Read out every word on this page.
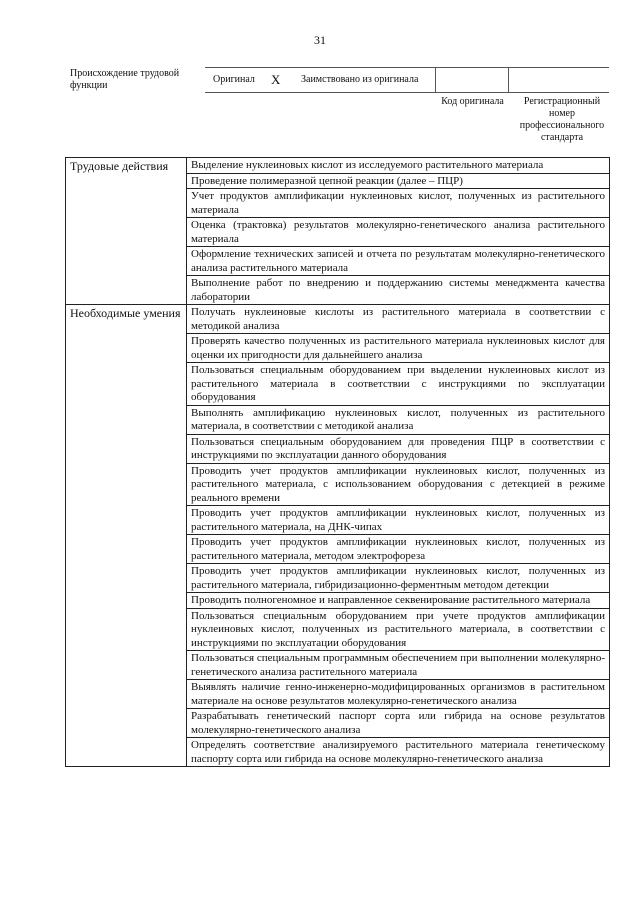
31
Происхождение трудовой функции
Оригинал X Заимствовано из оригинала
Код оригинала	Регистрационный номер профессионального стандарта
Трудовые действия	Выделение нуклеиновых кислот из исследуемого растительного материала
	Проведение полимеразной цепной реакции (далее – ПЦР)
	Учет продуктов амплификации нуклеиновых кислот, полученных из растительного материала
	Оценка (трактовка) результатов молекулярно-генетического анализа растительного материала
	Оформление технических записей и отчета по результатам молекулярно-генетического анализа растительного материала
	Выполнение работ по внедрению и поддержанию системы менеджмента качества лаборатории
Необходимые умения	Получать нуклеиновые кислоты из растительного материала в соответствии с методикой анализа
	Проверять качество полученных из растительного материала нуклеиновых кислот для оценки их пригодности для дальнейшего анализа
	Пользоваться специальным оборудованием при выделении нуклеиновых кислот из растительного материала в соответствии с инструкциями по эксплуатации оборудования
	Выполнять амплификацию нуклеиновых кислот, полученных из растительного материала, в соответствии с методикой анализа
	Пользоваться специальным оборудованием для проведения ПЦР в соответствии с инструкциями по эксплуатации данного оборудования
	Проводить учет продуктов амплификации нуклеиновых кислот, полученных из растительного материала, с использованием оборудования с детекцией в режиме реального времени
	Проводить учет продуктов амплификации нуклеиновых кислот, полученных из растительного материала, на ДНК-чипах
	Проводить учет продуктов амплификации нуклеиновых кислот, полученных из растительного материала, методом электрофореза
	Проводить учет продуктов амплификации нуклеиновых кислот, полученных из растительного материала, гибридизационно-ферментным методом детекции
	Проводить полногеномное и направленное секвенирование растительного материала
	Пользоваться специальным оборудованием при учете продуктов амплификации нуклеиновых кислот, полученных из растительного материала, в соответствии с инструкциями по эксплуатации оборудования
	Пользоваться специальным программным обеспечением при выполнении молекулярно-генетического анализа растительного материала
	Выявлять наличие генно-инженерно-модифицированных организмов в растительном материале на основе результатов молекулярно-генетического анализа
	Разрабатывать генетический паспорт сорта или гибрида на основе результатов молекулярно-генетического анализа
	Определять соответствие анализируемого растительного материала генетическому паспорту сорта или гибрида на основе молекулярно-генетического анализа
